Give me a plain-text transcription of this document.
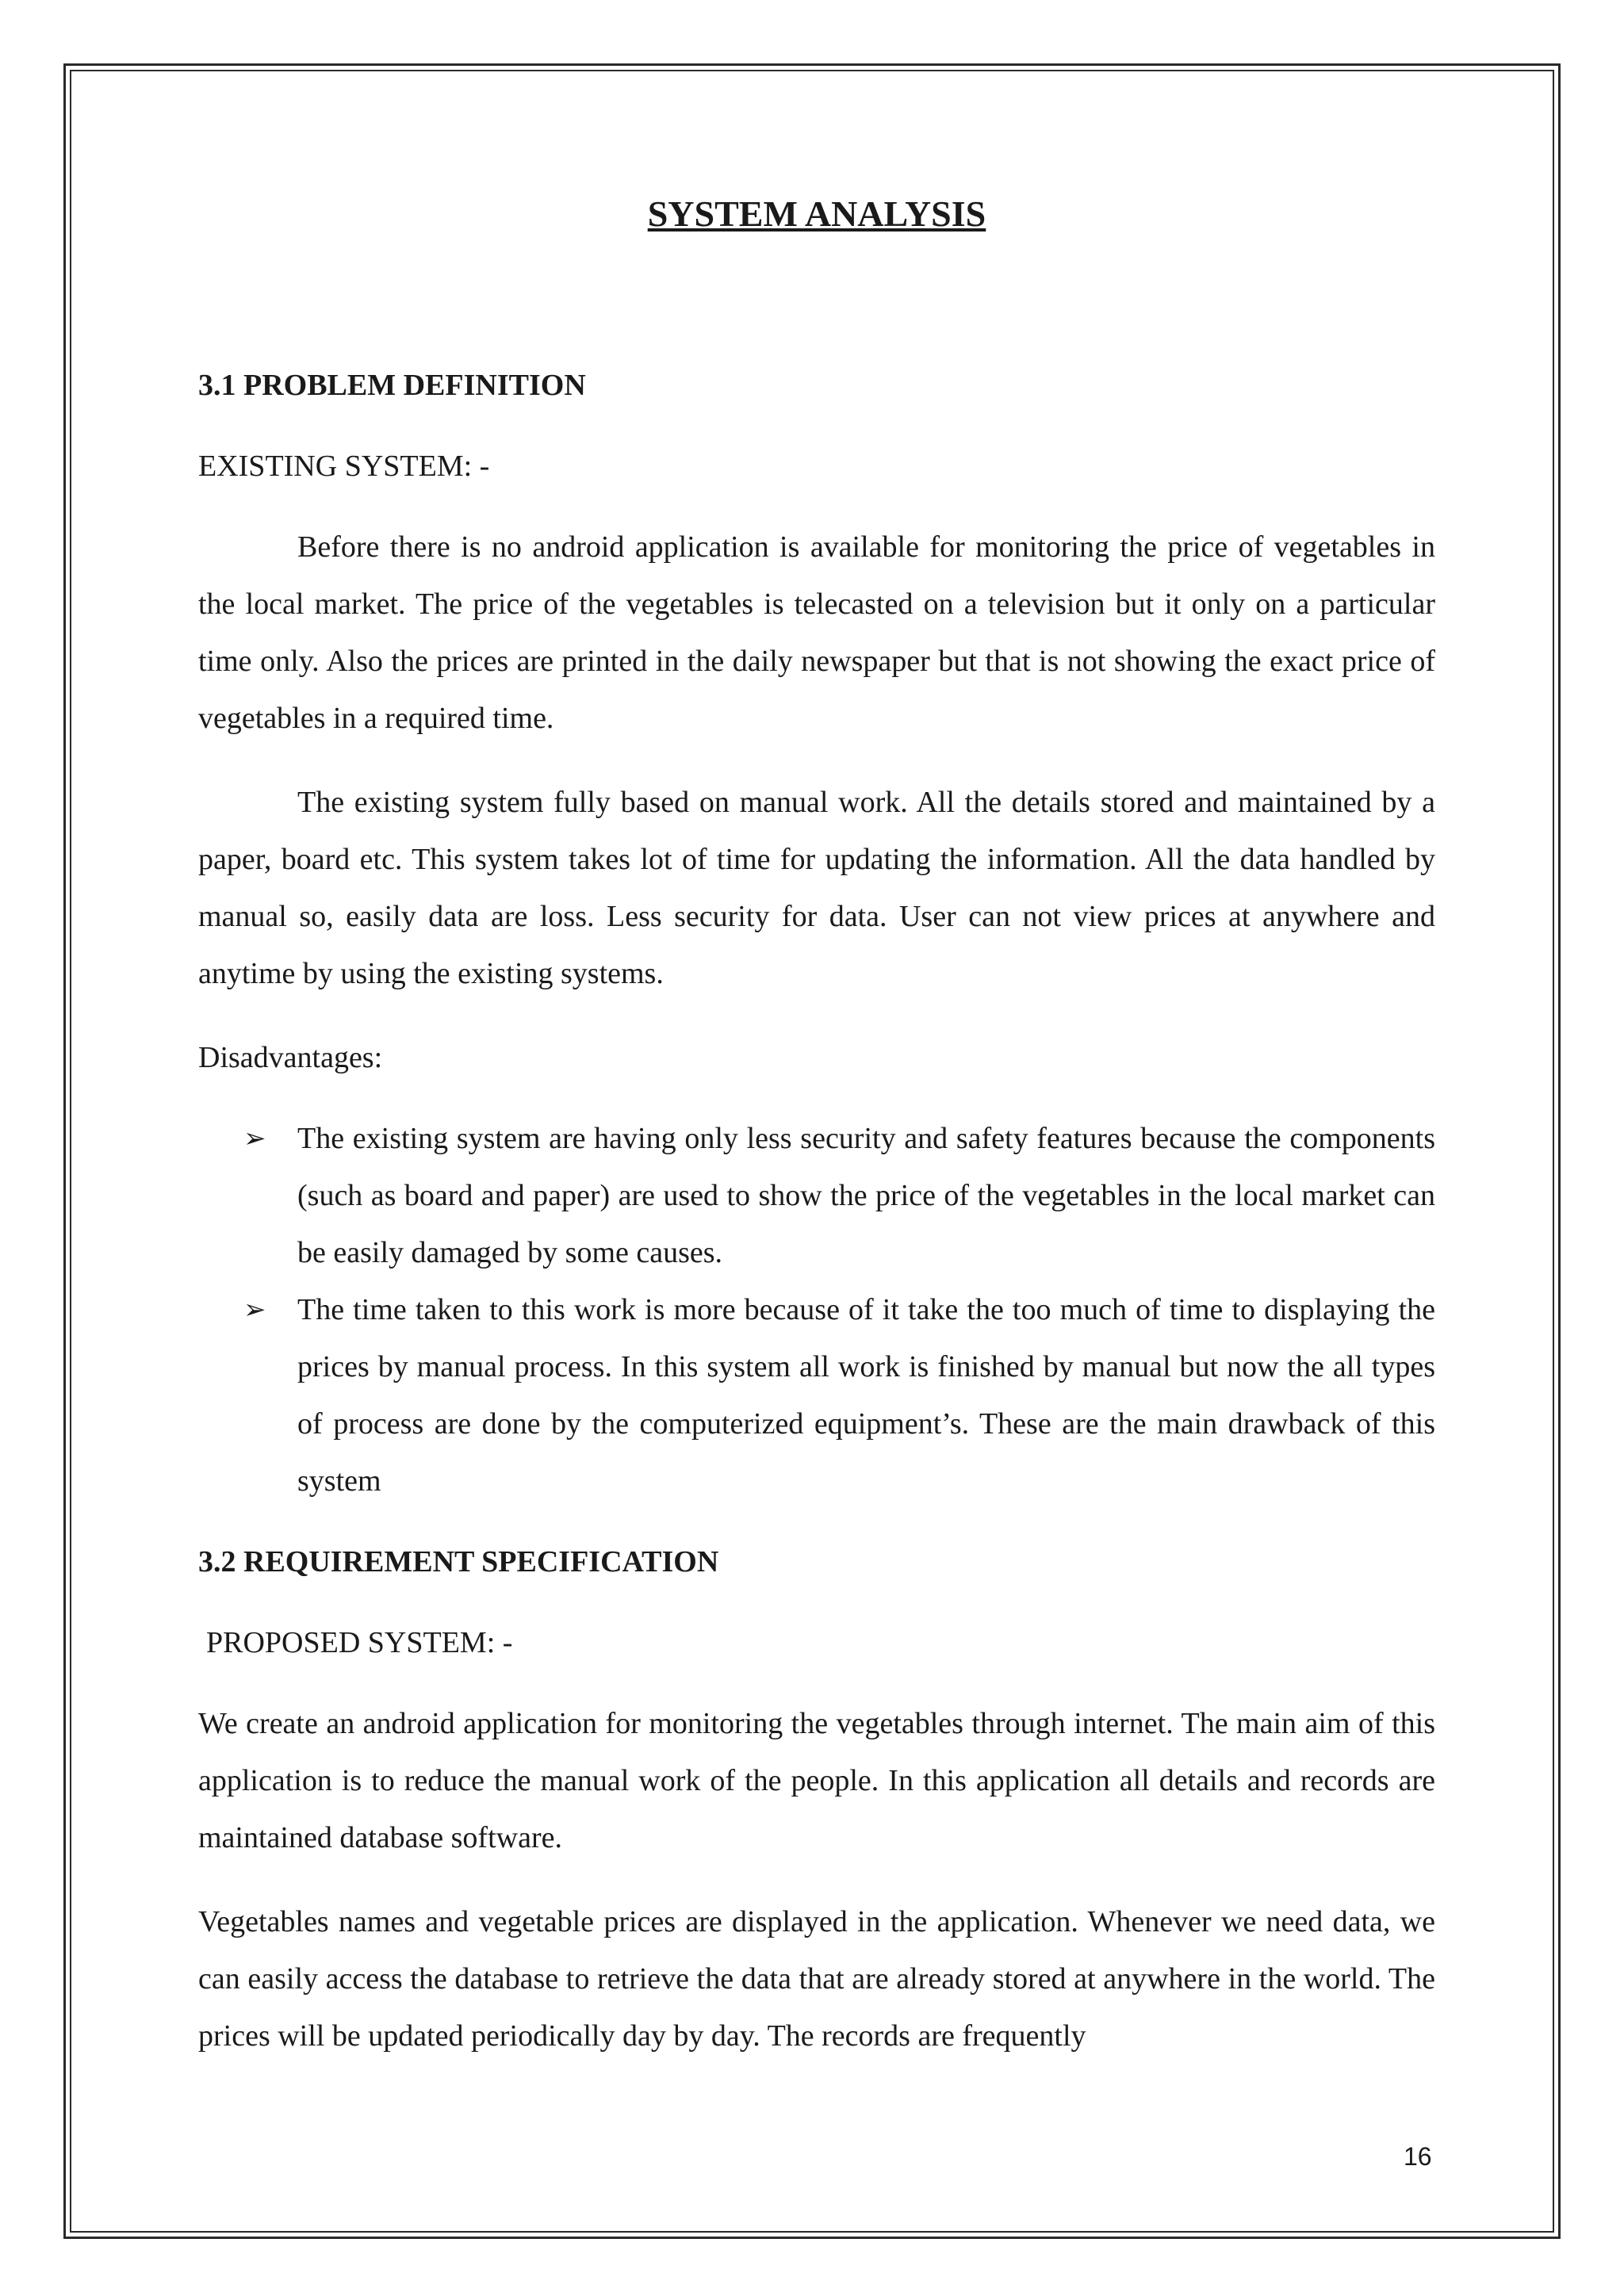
SYSTEM ANALYSIS
3.1 PROBLEM DEFINITION
EXISTING SYSTEM: -

Before there is no android application is available for monitoring the price of vegetables in the local market. The price of the vegetables is telecasted on a television but it only on a particular time only. Also the prices are printed in the daily newspaper but that is not showing the exact price of vegetables in a required time.

The existing system fully based on manual work. All the details stored and maintained by a paper, board etc. This system takes lot of time for updating the information. All the data handled by manual so, easily data are loss. Less security for data. User can not view prices at anywhere and anytime by using the existing systems.

Disadvantages:
➢ The existing system are having only less security and safety features because the components (such as board and paper) are used to show the price of the vegetables in the local market can be easily damaged by some causes.
➢ The time taken to this work is more because of it take the too much of time to displaying the prices by manual process. In this system all work is finished by manual but now the all types of process are done by the computerized equipment’s. These are the main drawback of this system
3.2 REQUIREMENT SPECIFICATION
PROPOSED SYSTEM: -

We create an android application for monitoring the vegetables through internet. The main aim of this application is to reduce the manual work of the people. In this application all details and records are maintained database software.

Vegetables names and vegetable prices are displayed in the application. Whenever we need data, we can easily access the database to retrieve the data that are already stored at anywhere in the world. The prices will be updated periodically day by day. The records are frequently

16
